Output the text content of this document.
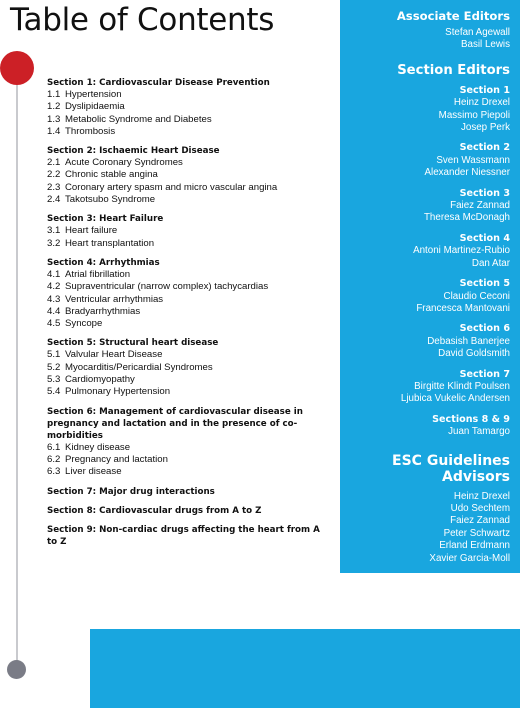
Table of Contents
Section 1: Cardiovascular Disease Prevention
1.1 Hypertension
1.2 Dyslipidaemia
1.3 Metabolic Syndrome and Diabetes
1.4 Thrombosis
Section 2: Ischaemic Heart Disease
2.1 Acute Coronary Syndromes
2.2 Chronic stable angina
2.3 Coronary artery spasm and micro vascular angina
2.4 Takotsubo Syndrome
Section 3: Heart Failure
3.1 Heart failure
3.2 Heart transplantation
Section 4: Arrhythmias
4.1 Atrial fibrillation
4.2 Supraventricular (narrow complex) tachycardias
4.3 Ventricular arrhythmias
4.4 Bradyarrhythmias
4.5 Syncope
Section 5: Structural heart disease
5.1 Valvular Heart Disease
5.2 Myocarditis/Pericardial Syndromes
5.3 Cardiomyopathy
5.4 Pulmonary Hypertension
Section 6: Management of cardiovascular disease in pregnancy and lactation and in the presence of co-morbidities
6.1 Kidney disease
6.2 Pregnancy and lactation
6.3 Liver disease
Section 7: Major drug interactions
Section 8: Cardiovascular drugs from A to Z
Section 9: Non-cardiac drugs affecting the heart from A to Z
Associate Editors
Stefan Agewall
Basil Lewis
Section Editors
Section 1
Heinz Drexel
Massimo Piepoli
Josep Perk
Section 2
Sven Wassmann
Alexander Niessner
Section 3
Faiez Zannad
Theresa McDonagh
Section 4
Antoni Martinez-Rubio
Dan Atar
Section 5
Claudio Ceconi
Francesca Mantovani
Section 6
Debasish Banerjee
David Goldsmith
Section 7
Birgitte Klindt Poulsen
Ljubica Vukelic Andersen
Sections 8 & 9
Juan Tamargo
ESC Guidelines Advisors
Heinz Drexel
Udo Sechtem
Faiez Zannad
Peter Schwartz
Erland Erdmann
Xavier Garcia-Moll
